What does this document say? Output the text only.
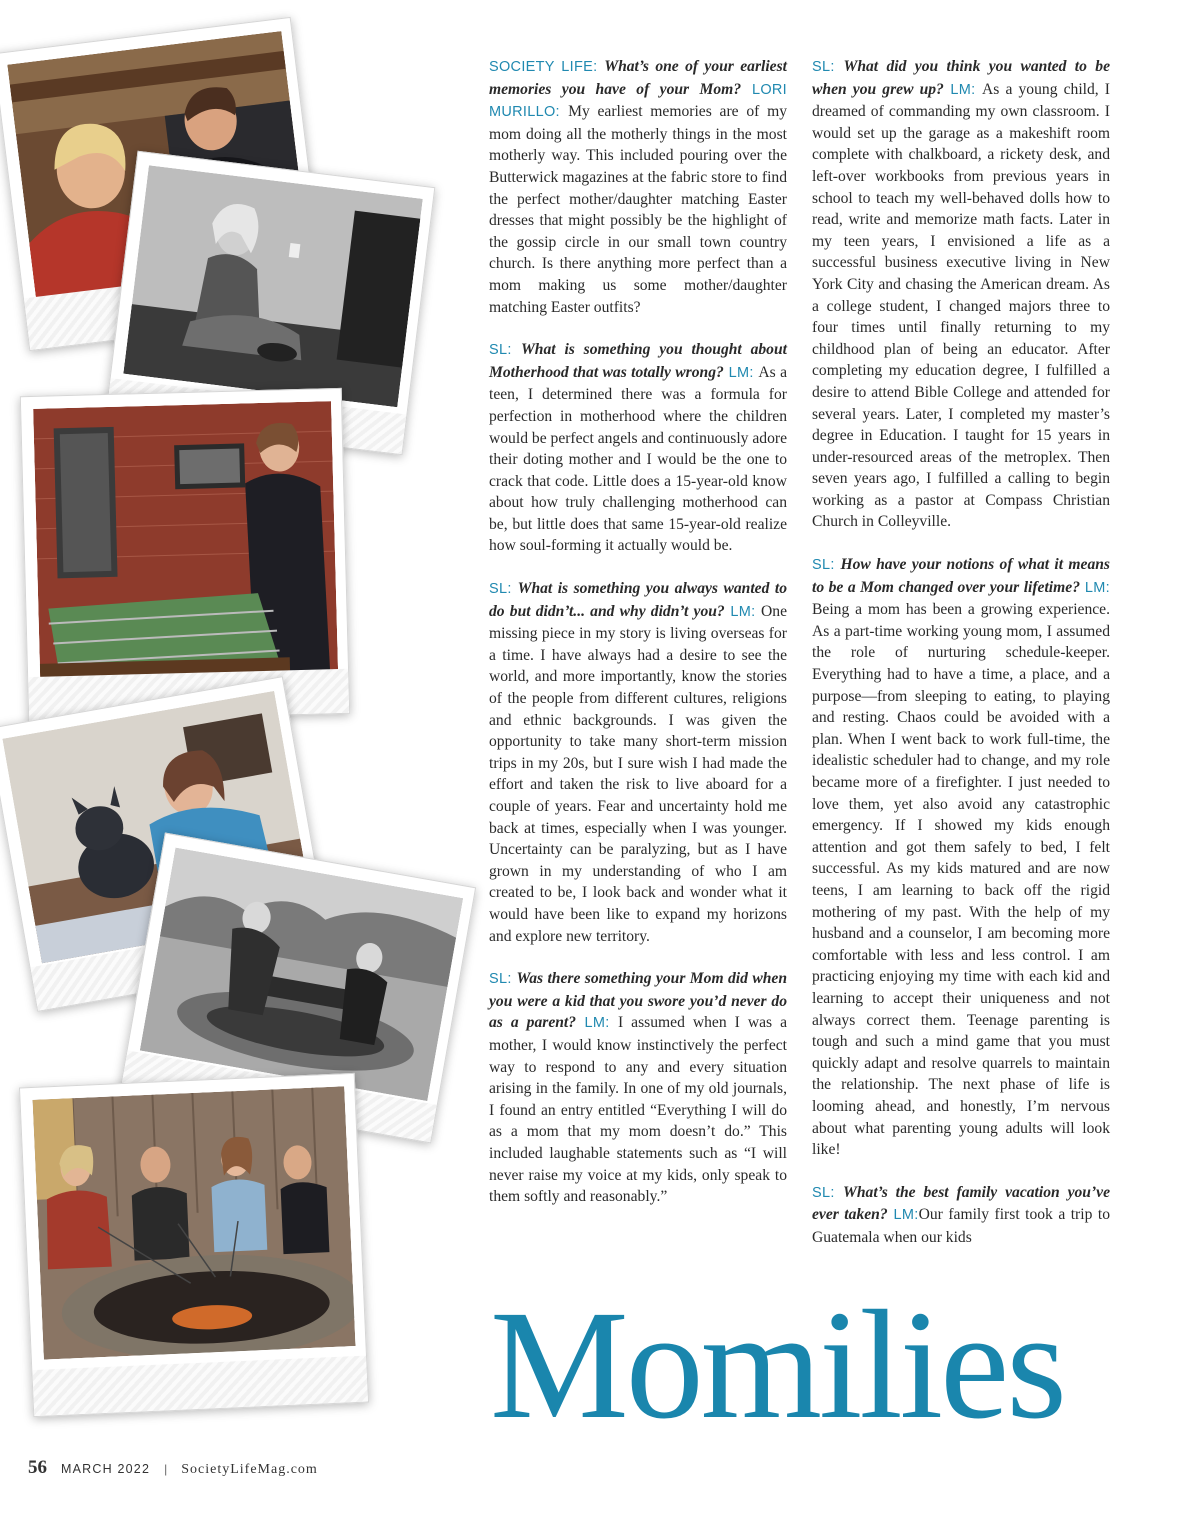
SOCIETY LIFE: What’s one of your earliest memories you have of your Mom? LORI MURILLO: My earliest memories are of my mom doing all the motherly things in the most motherly way. This included pouring over the Butterwick magazines at the fabric store to find the perfect mother/daughter matching Easter dresses that might possibly be the highlight of the gossip circle in our small town country church. Is there anything more perfect than a mom making us some mother/daughter matching Easter outfits?

SL: What is something you thought about Motherhood that was totally wrong? LM: As a teen, I determined there was a formula for perfection in motherhood where the children would be perfect angels and continuously adore their doting mother and I would be the one to crack that code. Little does a 15-year-old know about how truly challenging motherhood can be, but little does that same 15-year-old realize how soul-forming it actually would be.

SL: What is something you always wanted to do but didn’t... and why didn’t you? LM: One missing piece in my story is living overseas for a time. I have always had a desire to see the world, and more importantly, know the stories of the people from different cultures, religions and ethnic backgrounds. I was given the opportunity to take many short-term mission trips in my 20s, but I sure wish I had made the effort and taken the risk to live aboard for a couple of years. Fear and uncertainty hold me back at times, especially when I was younger. Uncertainty can be paralyzing, but as I have grown in my understanding of who I am created to be, I look back and wonder what it would have been like to expand my horizons and explore new territory.

SL: Was there something your Mom did when you were a kid that you swore you’d never do as a parent? LM: I assumed when I was a mother, I would know instinctively the perfect way to respond to any and every situation arising in the family. In one of my old journals, I found an entry entitled “Everything I will do as a mom that my mom doesn’t do.” This included laughable statements such as “I will never raise my voice at my kids, only speak to them softly and reasonably.”

SL: What did you think you wanted to be when you grew up? LM: As a young child, I dreamed of commanding my own classroom. I would set up the garage as a makeshift room complete with chalkboard, a rickety desk, and left-over workbooks from previous years in school to teach my well-behaved dolls how to read, write and memorize math facts. Later in my teen years, I envisioned a life as a successful business executive living in New York City and chasing the American dream. As a college student, I changed majors three to four times until finally returning to my childhood plan of being an educator. After completing my education degree, I fulfilled a desire to attend Bible College and attended for several years. Later, I completed my master’s degree in Education. I taught for 15 years in under-resourced areas of the metroplex. Then seven years ago, I fulfilled a calling to begin working as a pastor at Compass Christian Church in Colleyville.

SL: How have your notions of what it means to be a Mom changed over your lifetime? LM: Being a mom has been a growing experience. As a part-time working young mom, I assumed the role of nurturing schedule-keeper. Everything had to have a time, a place, and a purpose—from sleeping to eating, to playing and resting. Chaos could be avoided with a plan. When I went back to work full-time, the idealistic scheduler had to change, and my role became more of a firefighter. I just needed to love them, yet also avoid any catastrophic emergency. If I showed my kids enough attention and got them safely to bed, I felt successful. As my kids matured and are now teens, I am learning to back off the rigid mothering of my past. With the help of my husband and a counselor, I am becoming more comfortable with less and less control. I am practicing enjoying my time with each kid and learning to accept their uniqueness and not always correct them. Teenage parenting is tough and such a mind game that you must quickly adapt and resolve quarrels to maintain the relationship. The next phase of life is looming ahead, and honestly, I’m nervous about what parenting young adults will look like!

SL: What’s the best family vacation you’ve ever taken? LM:Our family first took a trip to Guatemala when our kids

Momilies
56 MARCH 2022 | SocietyLifeMag.com
